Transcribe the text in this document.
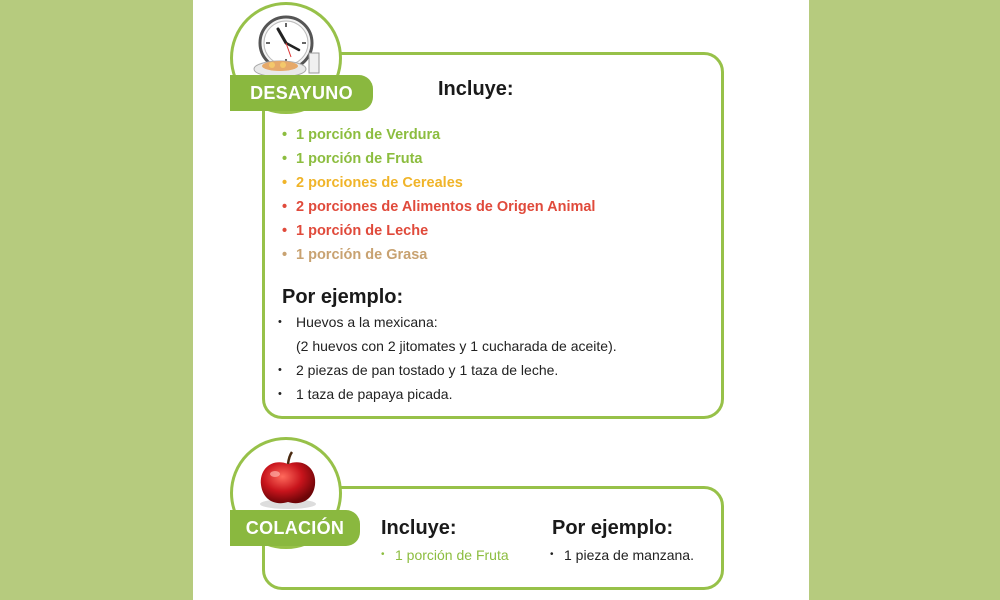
DESAYUNO	Incluye:
• 1 porción de Verdura
• 1 porción de Fruta
• 2 porciones de Cereales
• 2 porciones de Alimentos de Origen Animal
• 1 porción de Leche
• 1 porción de Grasa
Por ejemplo:
• Huevos a la mexicana:
(2 huevos con 2 jitomates y 1 cucharada de aceite).
• 2 piezas de pan tostado y 1 taza de leche.
• 1 taza de papaya picada.
COLACIÓN	Incluye:
• 1 porción de Fruta
Por ejemplo:
• 1 pieza de manzana.
